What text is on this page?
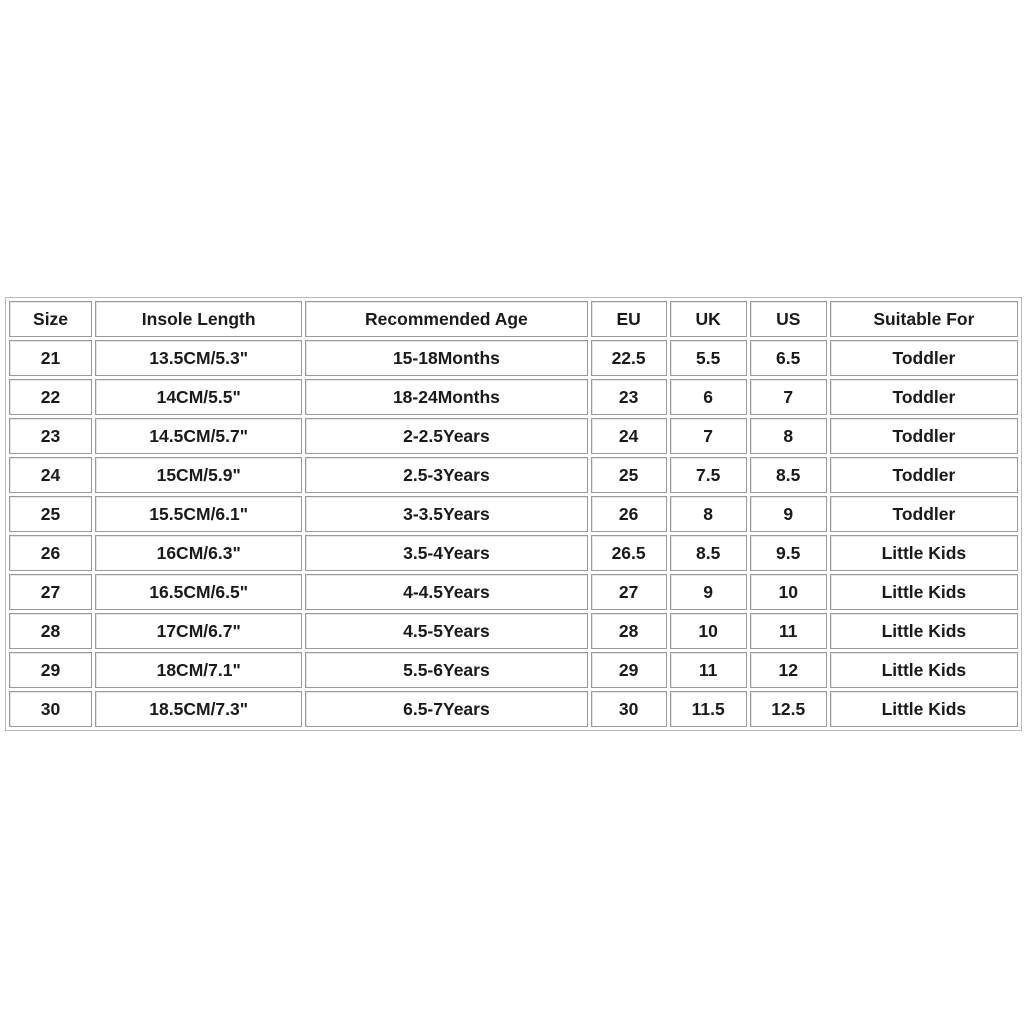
Size	Insole Length	Recommended Age	EU	UK	US	Suitable For
21	13.5CM/5.3"	15-18Months	22.5	5.5	6.5	Toddler
22	14CM/5.5"	18-24Months	23	6	7	Toddler
23	14.5CM/5.7"	2-2.5Years	24	7	8	Toddler
24	15CM/5.9"	2.5-3Years	25	7.5	8.5	Toddler
25	15.5CM/6.1"	3-3.5Years	26	8	9	Toddler
26	16CM/6.3"	3.5-4Years	26.5	8.5	9.5	Little Kids
27	16.5CM/6.5"	4-4.5Years	27	9	10	Little Kids
28	17CM/6.7"	4.5-5Years	28	10	11	Little Kids
29	18CM/7.1"	5.5-6Years	29	11	12	Little Kids
30	18.5CM/7.3"	6.5-7Years	30	11.5	12.5	Little Kids
